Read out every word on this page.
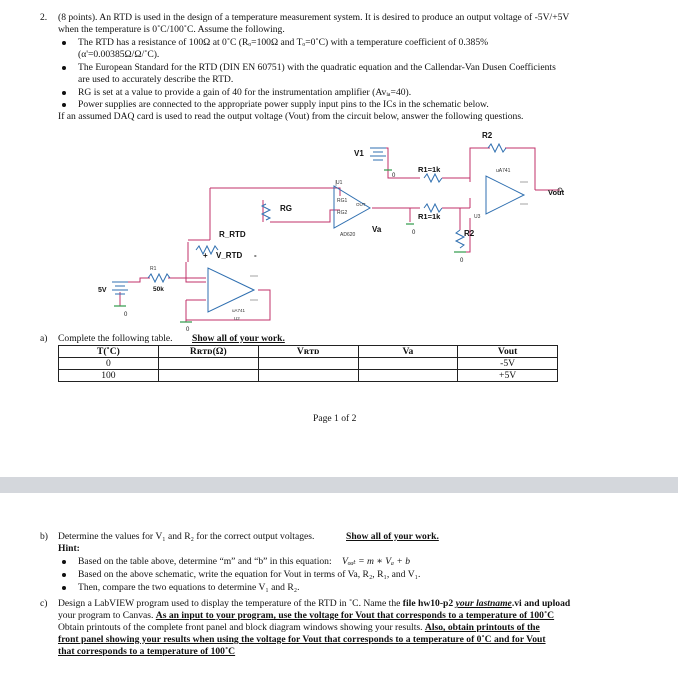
2. (8 points). An RTD is used in the design of a temperature measurement system. It is desired to produce an output voltage of -5V/+5V
when the temperature is 0˚C/100˚C. Assume the following.
The RTD has a resistance of 100Ω at 0˚C (Rₒ=100Ω and Tₒ=0˚C) with a temperature coefficient of 0.385%
(α'=0.00385Ω/Ω/˚C).
The European Standard for the RTD (DIN EN 60751) with the quadratic equation and the Callendar-Van Dusen Coefficients
are used to accurately describe the RTD.
RG is set at a value to provide a gain of 40 for the instrumentation amplifier (Avᵢₐ=40).
Power supplies are connected to the appropriate power supply input pins to the ICs in the schematic below.
If an assumed DAQ card is used to read the output voltage (Vout) from the circuit below, answer the following questions.
R2
V1
0
R1=1k	uA741
Vout
U1
RG1
RG2
OUT
RG
AD620
Va	0
R1=1k	U3
R2
0
R_RTD
+ V_RTD -
R1
50k
5V
0
0
uA741
U2
a) Complete the following table. Show all of your work.
T(˚C)	Rʀᴛᴅ(Ω)	Vʀᴛᴅ	Va	Vout
0				-5V
100				+5V
Page 1 of 2
b) Determine the values for V₁ and R₂ for the correct output voltages.	Show all of your work.
Hint:
Based on the table above, determine “m” and “b” in this equation: Vₒᵤₜ = m ∗ Vₐ + b
Based on the above schematic, write the equation for Vout in terms of Va, R₂, R₁, and V₁.
Then, compare the two equations to determine V₁ and R₂.
c) Design a LabVIEW program used to display the temperature of the RTD in ˚C. Name the file hw10-p2 your lastname.vi and upload
your program to Canvas. As an input to your program, use the voltage for Vout that corresponds to a temperature of 100˚C
Obtain printouts of the complete front panel and block diagram windows showing your results. Also, obtain printouts of the
front panel showing your results when using the voltage for Vout that corresponds to a temperature of 0˚C and for Vout
that corresponds to a temperature of 100˚C
